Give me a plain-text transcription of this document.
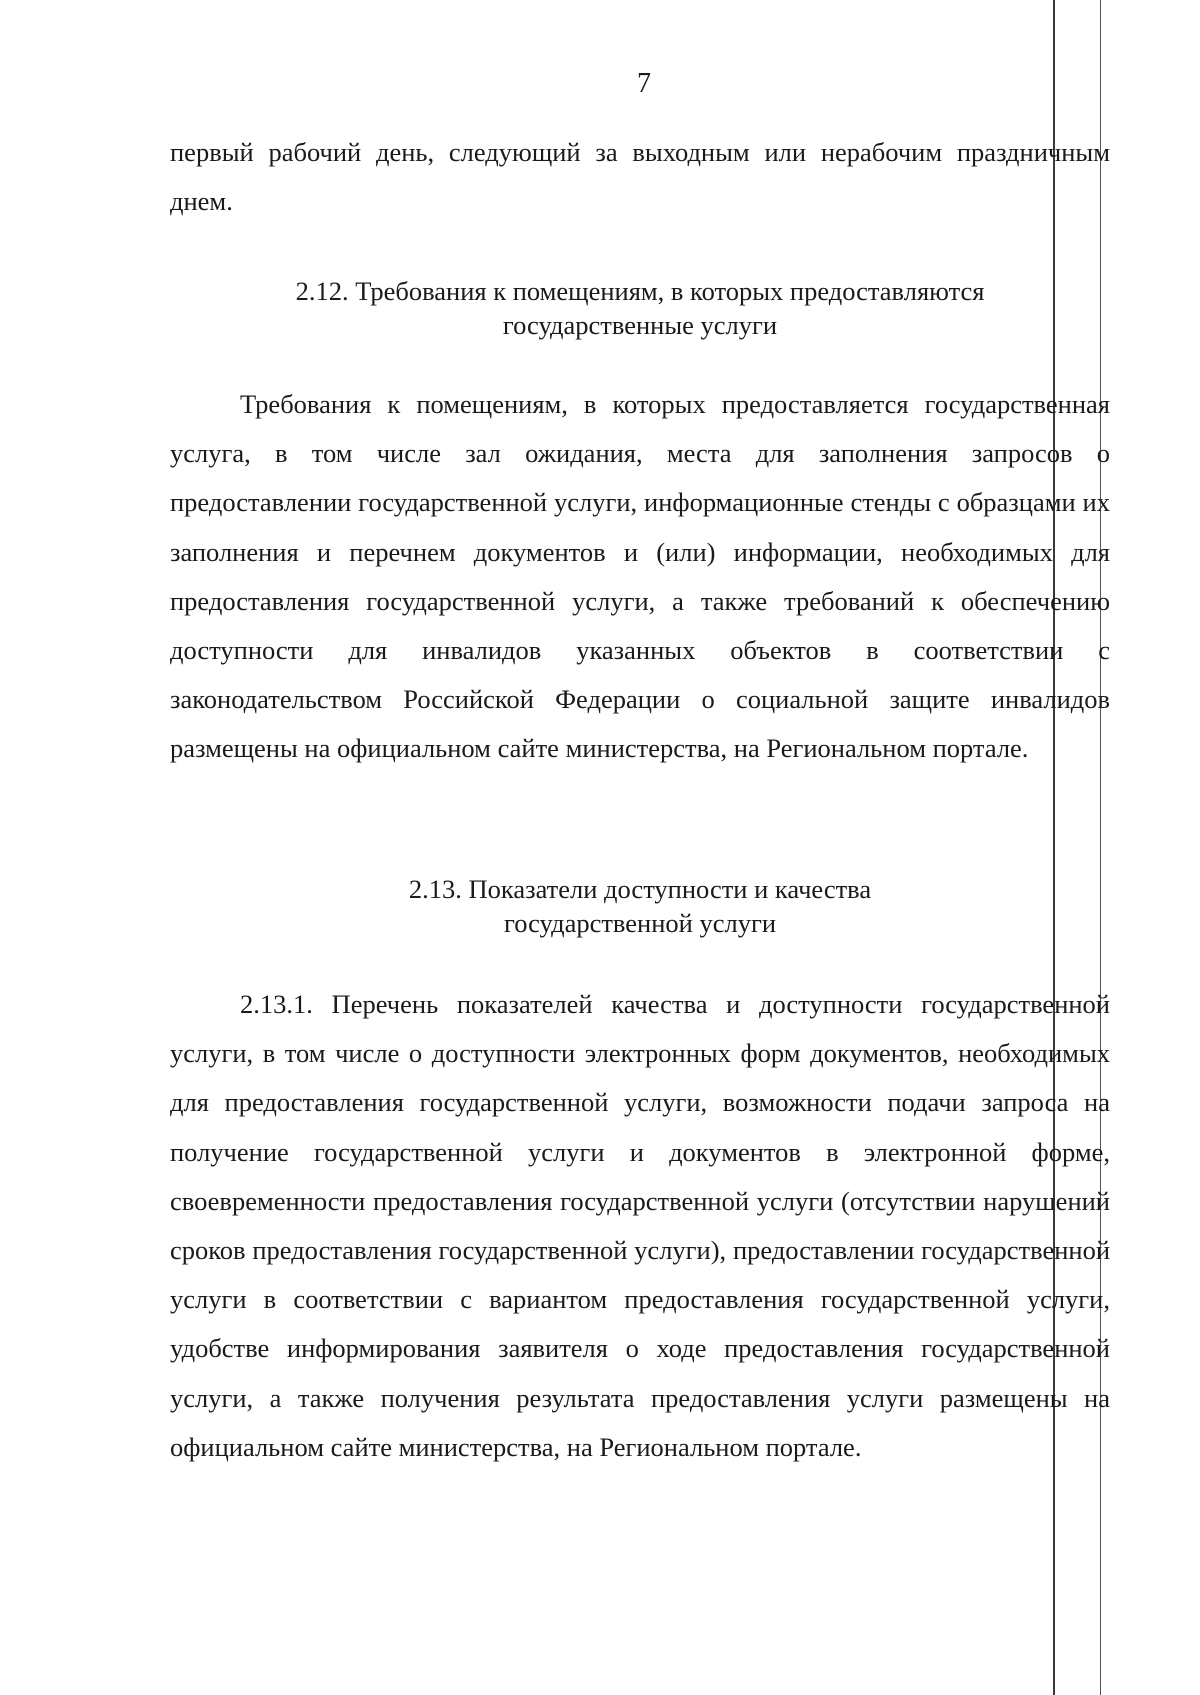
7

первый рабочий день, следующий за выходным или нерабочим праздничным днем.

2.12. Требования к помещениям, в которых предоставляются
государственные услуги

Требования к помещениям, в которых предоставляется государственная услуга, в том числе зал ожидания, места для заполнения запросов о предоставлении государственной услуги, информационные стенды с образцами их заполнения и перечнем документов и (или) информации, необходимых для предоставления государственной услуги, а также требований к обеспечению доступности для инвалидов указанных объектов в соответствии с законодательством Российской Федерации о социальной защите инвалидов размещены на официальном сайте министерства, на Региональном портале.

2.13. Показатели доступности и качества
государственной услуги

2.13.1. Перечень показателей качества и доступности государственной услуги, в том числе о доступности электронных форм документов, необходимых для предоставления государственной услуги, возможности подачи запроса на получение государственной услуги и документов в электронной форме, своевременности предоставления государственной услуги (отсутствии нарушений сроков предоставления государственной услуги), предоставлении государственной услуги в соответствии с вариантом предоставления государственной услуги, удобстве информирования заявителя о ходе предоставления государственной услуги, а также получения результата предоставления услуги размещены на официальном сайте министерства, на Региональном портале.
